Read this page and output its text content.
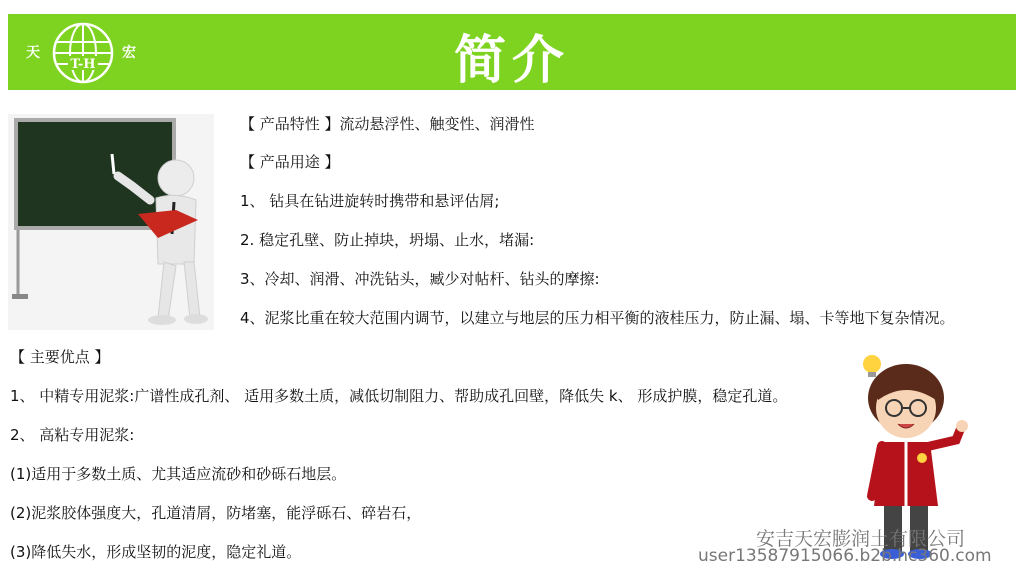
天
T-H
宏	简介
【 产品特性 】流动悬浮性、触变性、润滑性
【 产品用途 】
1、 钻具在钻进旋转时携带和悬评估屑;
2. 稳定孔壁、防止掉块，坍塌、止水，堵漏:
3、冷却、润滑、冲洗钻头，臧少对帖杆、钻头的摩擦:
4、泥浆比重在较大范围内调节，以建立与地层的压力相平衡的液桂压力，防止漏、塌、卡等地下复杂情况。
【 主要优点 】
1、 中精专用泥浆:广谱性成孔剂、 适用多数土质，减低切制阻力、帮助成孔回壁，降低失 k、 形成护膜，稳定孔道。
2、 高粘专用泥浆:
(1)适用于多数土质、尤其适应流砂和砂砾石地层。
(2)泥浆胶体强度大，孔道清屑，防堵塞，能浮砾石、碎岩石，
(3)降低失水，形成坚韧的泥度，隐定礼道。
安吉天宏膨润土有限公司
user13587915066.b2b.hc360.com
